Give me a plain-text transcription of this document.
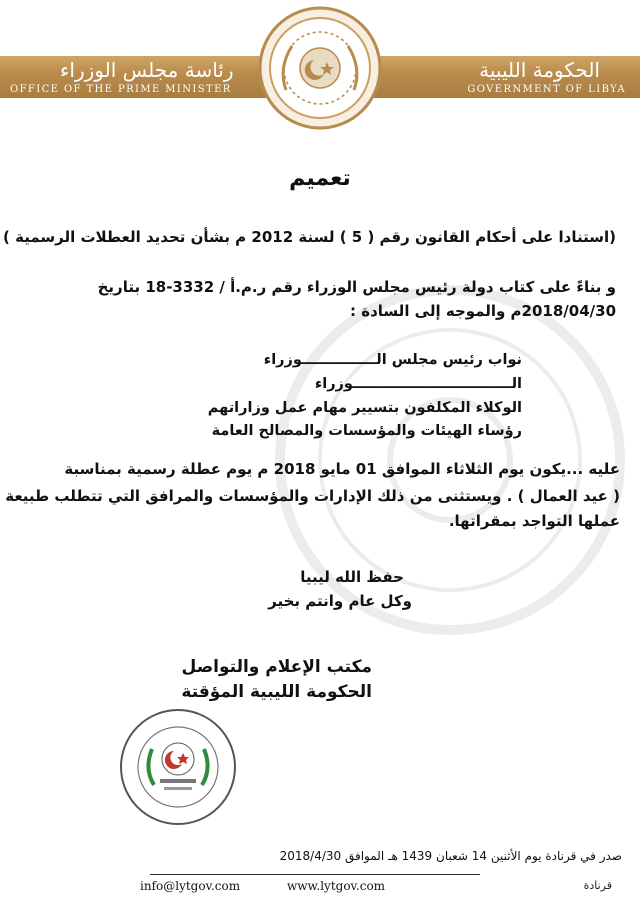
رئاسة مجلس الوزراء
OFFICE OF THE PRIME MINISTER
الحكومة الليبية
GOVERNMENT OF LIBYA
تعميم
(استنادا على أحكام القانون رقم ( 5 ) لسنة 2012 م بشأن تحديد العطلات الرسمية )
و بناءً على كتاب دولة رئيس مجلس الوزراء رقم ر.م.أ / 3332-18 بتاريخ
2018/04/30م والموجه إلى السادة :
نواب رئيس مجلس الـــــــــــــــوزراء
الــــــــــــــــــــــــــــــــوزراء
الوكلاء المكلفون بتسيير مهام عمل وزاراتهم
رؤساء الهيئات والمؤسسات والمصالح العامة
عليه ...يكون يوم الثلاثاء الموافق 01 مايو 2018 م يوم عطلة رسمية بمناسبة
( عيد العمال ) . ويستثنى من ذلك الإدارات والمؤسسات والمرافق التي تتطلب طبيعة
عملها التواجد بمقراتها.
حفظ الله ليبيا
وكل عام وانتم بخير
مكتب الإعلام والتواصل
الحكومة الليبية المؤقتة
صدر في قرنادة يوم الأثنين 14 شعبان 1439 هـ الموافق 2018/4/30
info@lytgov.com	www.lytgov.com	قرنادة
